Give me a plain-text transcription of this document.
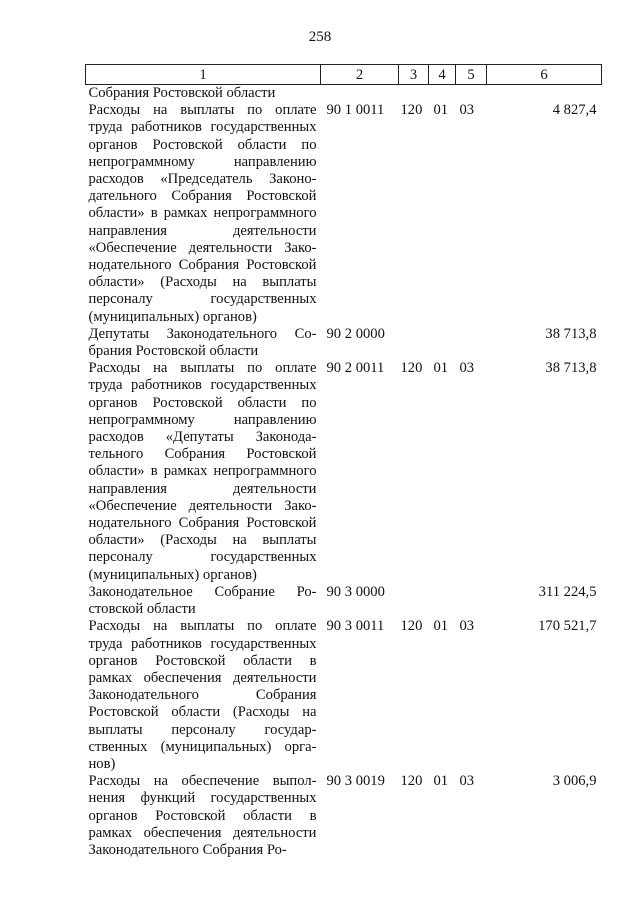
258
1	2	3	4	5	6
Собрания Ростовской области					
Расходы на выплаты по оплате труда работников государственных органов Ростовской области по непрограммному направлению расходов «Председатель Законодательного Собрания Ростовской области» в рамках непрограммного направления деятельности «Обеспечение деятельности Законодательного Собрания Ростовской области» (Расходы на выплаты персоналу государственных (муниципальных) органов)	90 1 0011	120	01	03	4 827,4
Депутаты Законодательного Собрания Ростовской области	90 2 0000				38 713,8
Расходы на выплаты по оплате труда работников государственных органов Ростовской области по непрограммному направлению расходов «Депутаты Законодательного Собрания Ростовской области» в рамках непрограммного направления деятельности «Обеспечение деятельности Законодательного Собрания Ростовской области» (Расходы на выплаты персоналу государственных (муниципальных) органов)	90 2 0011	120	01	03	38 713,8
Законодательное Собрание Ростовской области	90 3 0000				311 224,5
Расходы на выплаты по оплате труда работников государственных органов Ростовской области в рамках обеспечения деятельности Законодательного Собрания Ростовской области (Расходы на выплаты персоналу государственных (муниципальных) органов)	90 3 0011	120	01	03	170 521,7
Расходы на обеспечение выполнения функций государственных органов Ростовской области в рамках обеспечения деятельности Законодательного Собрания Ро-	90 3 0019	120	01	03	3 006,9
